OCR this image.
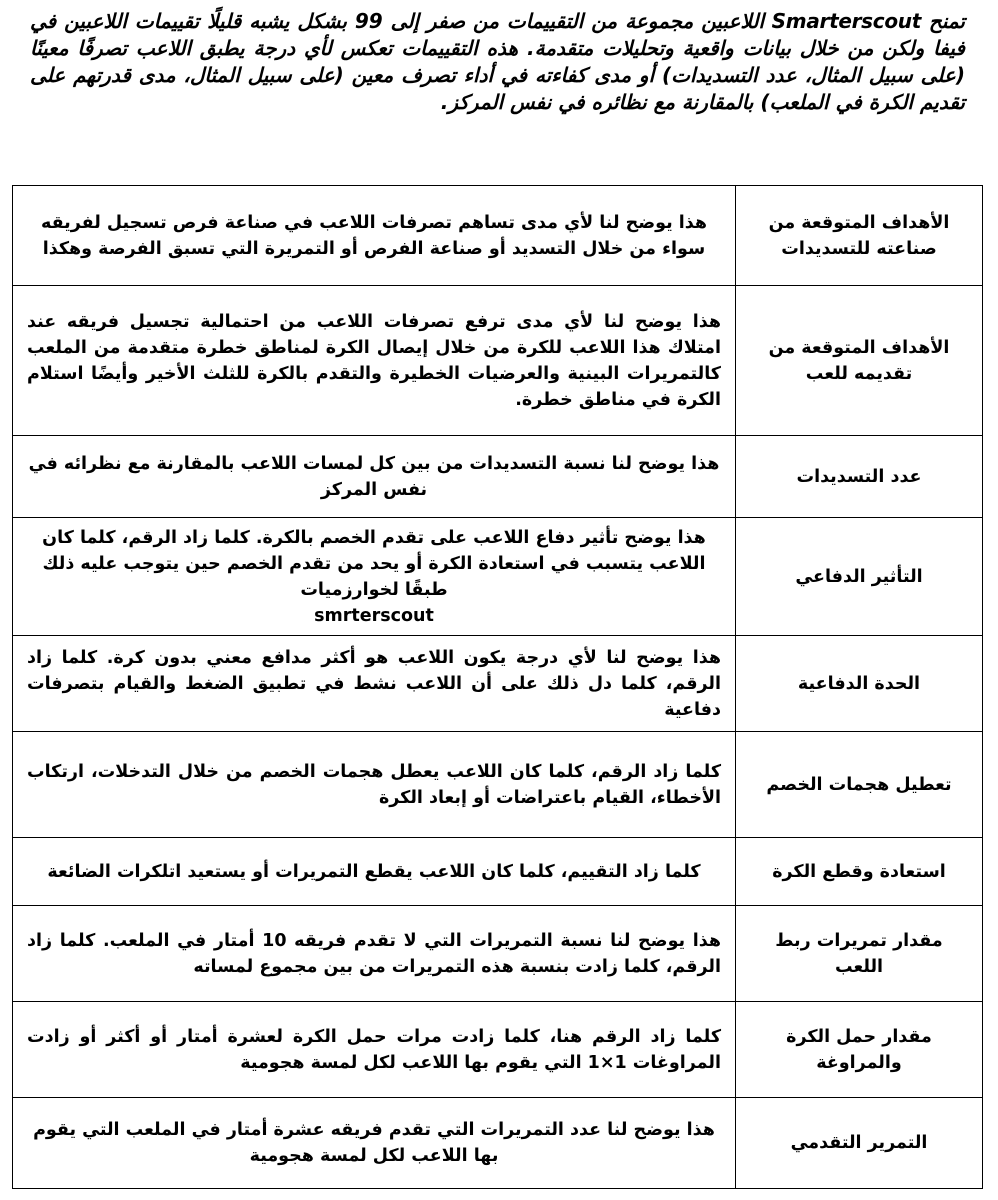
تمنح Smarterscout اللاعبين مجموعة من التقييمات من صفر إلى 99 بشكل يشبه قليلًا تقييمات اللاعبين في فيفا ولكن من خلال بيانات واقعية وتحليلات متقدمة. هذه التقييمات تعكس لأي درجة يطبق اللاعب تصرفًا معينًا (على سبيل المثال، عدد التسديدات) أو مدى كفاءته في أداء تصرف معين (على سبيل المثال، مدى قدرتهم على تقديم الكرة في الملعب) بالمقارنة مع نظائره في نفس المركز.
الأهداف المتوقعة من صناعته للتسديدات	هذا يوضح لنا لأي مدى تساهم تصرفات اللاعب في صناعة فرص تسجيل لفريقه سواء من خلال التسديد أو صناعة الفرص أو التمريرة التي تسبق الفرصة وهكذا
الأهداف المتوقعة من تقديمه للعب	هذا يوضح لنا لأي مدى ترفع تصرفات اللاعب من احتمالية تجسيل فريقه عند امتلاك هذا اللاعب للكرة من خلال إيصال الكرة لمناطق خطرة متقدمة من الملعب كالتمريرات البينية والعرضيات الخطيرة والتقدم بالكرة للثلث الأخير وأيضًا استلام الكرة في مناطق خطرة.
عدد التسديدات	هذا يوضح لنا نسبة التسديدات من بين كل لمسات اللاعب بالمقارنة مع نظرائه في نفس المركز
التأثير الدفاعي	هذا يوضح تأثير دفاع اللاعب على تقدم الخصم بالكرة. كلما زاد الرقم، كلما كان اللاعب يتسبب في استعادة الكرة أو يحد من تقدم الخصم حين يتوجب عليه ذلك طبقًا لخوارزميات
smrterscout
الحدة الدفاعية	هذا يوضح لنا لأي درجة يكون اللاعب هو أكثر مدافع معني بدون كرة. كلما زاد الرقم، كلما دل ذلك على أن اللاعب نشط في تطبيق الضغط والقيام بتصرفات دفاعية
تعطيل هجمات الخصم	كلما زاد الرقم، كلما كان اللاعب يعطل هجمات الخصم من خلال التدخلات، ارتكاب الأخطاء، القيام باعتراضات أو إبعاد الكرة
استعادة وقطع الكرة	كلما زاد التقييم، كلما كان اللاعب يقطع التمريرات أو يستعيد اتلكرات الضائعة
مقدار تمريرات ربط اللعب	هذا يوضح لنا نسبة التمريرات التي لا تقدم فريقه 10 أمتار في الملعب. كلما زاد الرقم، كلما زادت بنسبة هذه التمريرات من بين مجموع لمساته
مقدار حمل الكرة والمراوغة	كلما زاد الرقم هنا، كلما زادت مرات حمل الكرة لعشرة أمتار أو أكثر أو زادت المراوغات 1×1 التي يقوم بها اللاعب لكل لمسة هجومية
التمرير التقدمي	هذا يوضح لنا عدد التمريرات التي تقدم فريقه عشرة أمتار في الملعب التي يقوم بها اللاعب لكل لمسة هجومية
